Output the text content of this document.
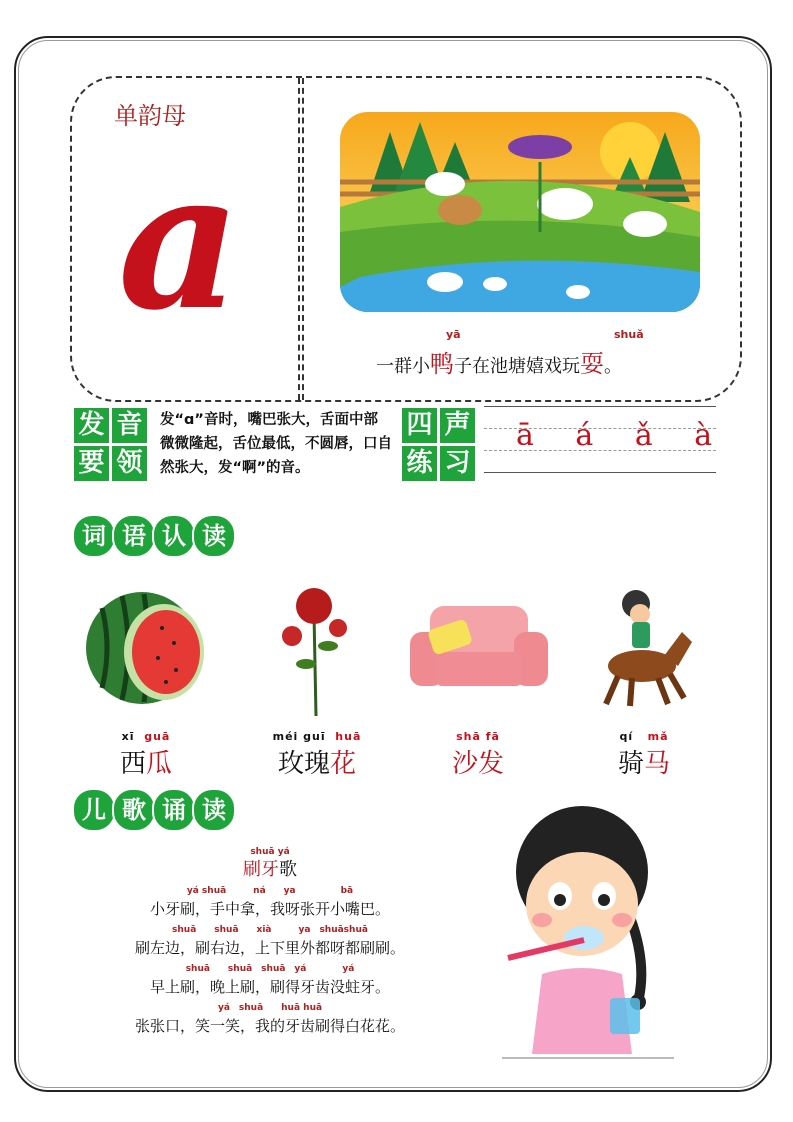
单韵母
a	yā	shuǎ
一群小鸭子在池塘嬉戏玩耍。
发 音
要 领
发“ɑ”音时，嘴巴张大，舌面中部微微隆起，舌位最低，不圆唇，口自然张大，发“啊”的音。
四 声
练 习
ā á ǎ à
词 语 认 读
xī guā
西瓜
méi guī huā
玫瑰花
shā fā
沙发
qí mǎ
骑马
儿 歌 诵 读
shuā yá
刷牙歌
yá shuā　　　ná　　ya　　　　　bā
小牙刷，手中拿，我呀张开小嘴巴。
shuā　　shuā　　xià　　　ya　shuāshuā
刷左边，刷右边，上下里外都呀都刷刷。
shuā　　shuā　shuā　yá　　　　yá
早上刷，晚上刷，刷得牙齿没蛀牙。
yá　shuā　　huā huā
张张口，笑一笑，我的牙齿刷得白花花。
